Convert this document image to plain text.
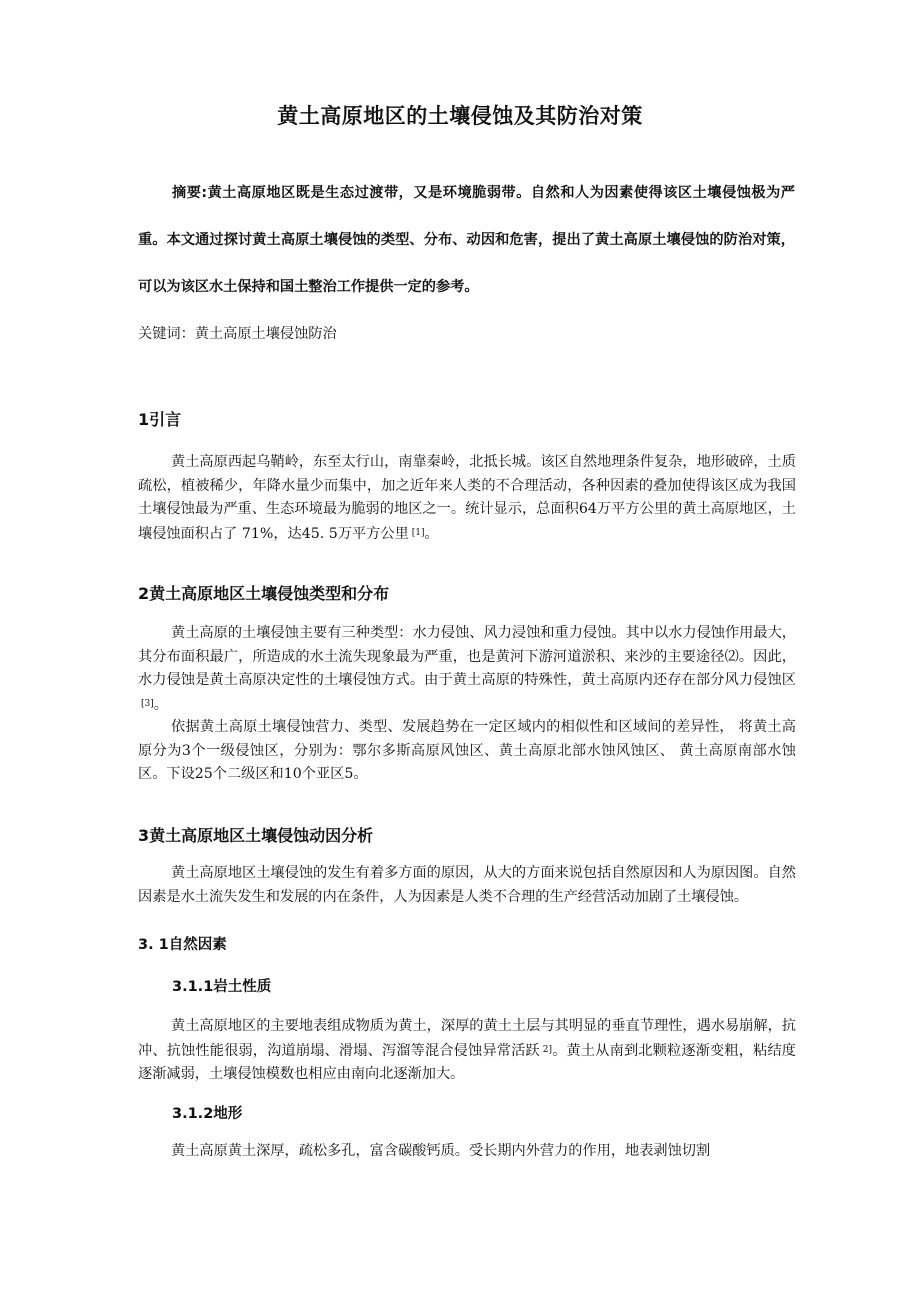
黄土高原地区的土壤侵蚀及其防治对策

摘要:黄土高原地区既是生态过渡带，又是环境脆弱带。自然和人为因素使得该区土壤侵蚀极为严重。本文通过探讨黄土高原土壤侵蚀的类型、分布、动因和危害，提出了黄土高原土壤侵蚀的防治对策，可以为该区水土保持和国土整治工作提供一定的参考。

关键词：黄土高原土壤侵蚀防治

1引言

黄土高原西起乌鞘岭，东至太行山，南靠秦岭，北抵长城。该区自然地理条件复杂，地形破碎，土质疏松，植被稀少，年降水量少而集中，加之近年来人类的不合理活动，各种因素的叠加使得该区成为我国土壤侵蚀最为严重、生态环境最为脆弱的地区之一。统计显示，总面积64万平方公里的黄土高原地区，土壤侵蚀面积占了 71%，达45. 5万平方公里 [1]。

2黄土高原地区土壤侵蚀类型和分布

黄土高原的土壤侵蚀主要有三种类型：水力侵蚀、风力浸蚀和重力侵蚀。其中以水力侵蚀作用最大，其分布面积最广，所造成的水土流失现象最为严重，也是黄河下游河道淤积、来沙的主要途径⑵。因此，水力侵蚀是黄土高原决定性的土壤侵蚀方式。由于黄土高原的特殊性，黄土高原内还存在部分风力侵蚀区[3]。

依据黄土高原土壤侵蚀营力、类型、发展趋势在一定区域内的相似性和区域间的差异性， 将黄土高原分为3个一级侵蚀区，分别为：鄂尔多斯高原风蚀区、黄土高原北部水蚀风蚀区、 黄土高原南部水蚀区。下设25个二级区和10个亚区5。

3黄土高原地区土壤侵蚀动因分析

黄土高原地区土壤侵蚀的发生有着多方面的原因，从大的方面来说包括自然原因和人为原因图。自然因素是水土流失发生和发展的内在条件，人为因素是人类不合理的生产经营活动加剧了土壤侵蚀。

3. 1自然因素
3.1.1岩土性质

黄土高原地区的主要地表组成物质为黄土，深厚的黄土土层与其明显的垂直节理性，遇水易崩解，抗冲、抗蚀性能很弱，沟道崩塌、滑塌、泻溜等混合侵蚀异常活跃 $^{2]}$。黄土从南到北颗粒逐渐变粗，粘结度逐渐减弱，土壤侵蚀模数也相应由南向北逐渐加大。

3.1.2地形

黄土高原黄土深厚，疏松多孔，富含碳酸钙质。受长期内外营力的作用，地表剥蚀切割
